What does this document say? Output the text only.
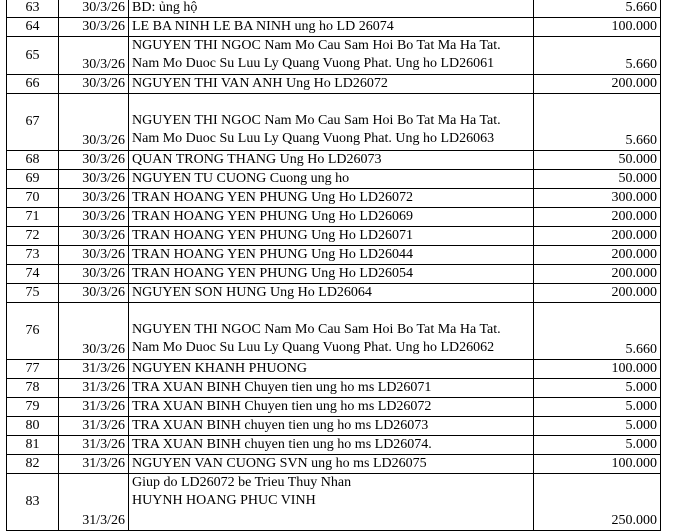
63	30/3/26	BD: ủng hộ	5.660
64	30/3/26	LE BA NINH LE BA NINH ung ho LD 26074	100.000
65	30/3/26	NGUYEN THI NGOC Nam Mo Cau Sam Hoi Bo Tat Ma Ha Tat.
Nam Mo Duoc Su Luu Ly Quang Vuong Phat. Ung ho LD26061	5.660
66	30/3/26	NGUYEN THI VAN ANH Ung Ho LD26072	200.000
67	30/3/26	NGUYEN THI NGOC Nam Mo Cau Sam Hoi Bo Tat Ma Ha Tat.
Nam Mo Duoc Su Luu Ly Quang Vuong Phat. Ung ho LD26063	5.660
68	30/3/26	QUAN TRONG THANG Ung Ho LD26073	50.000
69	30/3/26	NGUYEN TU CUONG Cuong ung ho	50.000
70	30/3/26	TRAN HOANG YEN PHUNG Ung Ho LD26072	300.000
71	30/3/26	TRAN HOANG YEN PHUNG Ung Ho LD26069	200.000
72	30/3/26	TRAN HOANG YEN PHUNG Ung Ho LD26071	200.000
73	30/3/26	TRAN HOANG YEN PHUNG Ung Ho LD26044	200.000
74	30/3/26	TRAN HOANG YEN PHUNG Ung Ho LD26054	200.000
75	30/3/26	NGUYEN SON HUNG Ung Ho LD26064	200.000
76	30/3/26	NGUYEN THI NGOC Nam Mo Cau Sam Hoi Bo Tat Ma Ha Tat.
Nam Mo Duoc Su Luu Ly Quang Vuong Phat. Ung ho LD26062	5.660
77	31/3/26	NGUYEN KHANH PHUONG	100.000
78	31/3/26	TRA XUAN BINH Chuyen tien ung ho ms LD26071	5.000
79	31/3/26	TRA XUAN BINH Chuyen tien ung ho ms LD26072	5.000
80	31/3/26	TRA XUAN BINH chuyen tien ung ho ms LD26073	5.000
81	31/3/26	TRA XUAN BINH chuyen tien ung ho ms LD26074.	5.000
82	31/3/26	NGUYEN VAN CUONG SVN ung ho ms LD26075	100.000
83	31/3/26	Giup do LD26072 be Trieu Thuy Nhan
HUYNH HOANG PHUC VINH	250.000
